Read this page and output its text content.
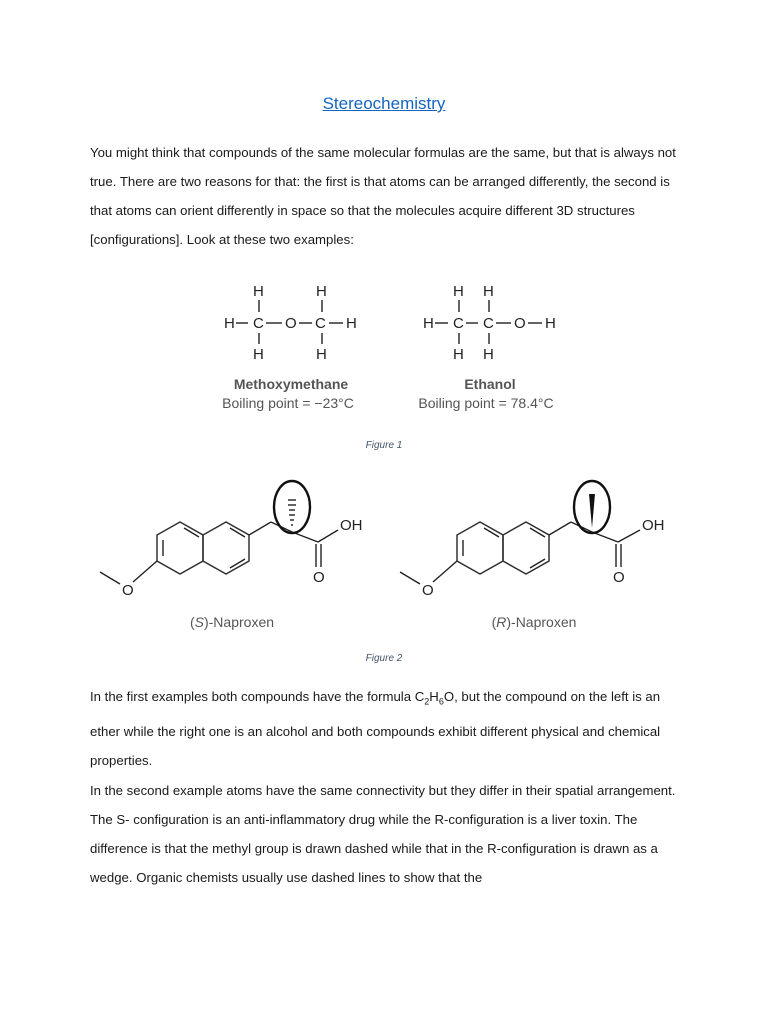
Stereochemistry

You might think that compounds of the same molecular formulas are the same, but that is always not true. There are two reasons for that: the first is that atoms can be arranged differently, the second is that atoms can orient differently in space so that the molecules acquire different 3D structures [configurations]. Look at these two examples:

H	H
H C O C H
H	H
Methoxymethane
Boiling point = −23°C
H H
H C C O H
H H
Ethanol
Boiling point = 78.4°C
Figure 1
O
OH
O
(S)-Naproxen
O
OH
O
(R)-Naproxen
Figure 2

In the first examples both compounds have the formula $C_2H_6O$, but the compound on the left is an ether while the right one is an alcohol and both compounds exhibit different physical and chemical properties.

In the second example atoms have the same connectivity but they differ in their spatial arrangement. The S- configuration is an anti-inflammatory drug while the R-configuration is a liver toxin. The difference is that the methyl group is drawn dashed while that in the R-configuration is drawn as a wedge. Organic chemists usually use dashed lines to show that the
